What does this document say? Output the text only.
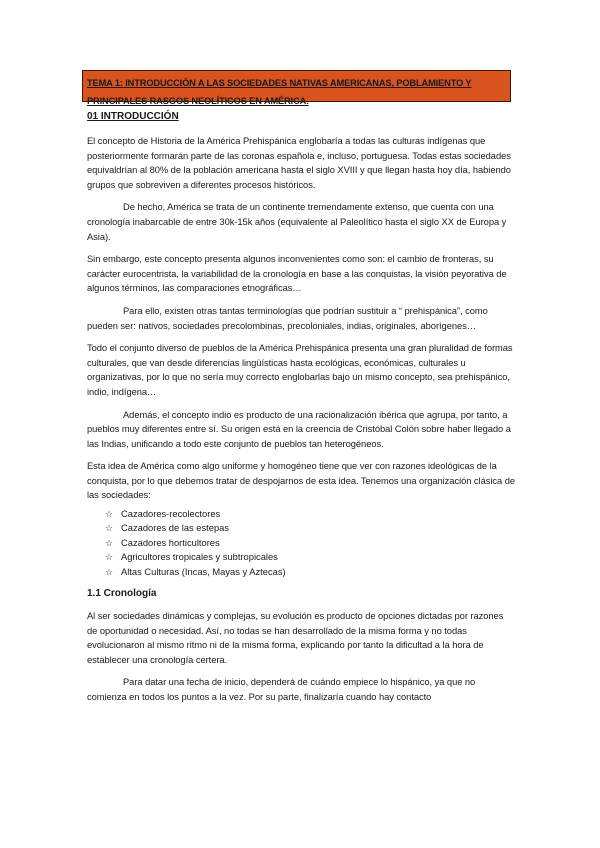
TEMA 1: INTRODUCCIÓN A LAS SOCIEDADES NATIVAS AMERICANAS, POBLAMIENTO Y PRINCIPALES RASGOS NEOLÍTICOS EN AMÉRICA.
01 INTRODUCCIÓN

El concepto de Historia de la América Prehispánica englobaría a todas las culturas indígenas que posteriormente formarán parte de las coronas española e, incluso, portuguesa. Todas estas sociedades equivaldrían al 80% de la población americana hasta el siglo XVIII y que llegan hasta hoy día, habiendo grupos que sobreviven a diferentes procesos históricos.

De hecho, América se trata de un continente tremendamente extenso, que cuenta con una cronología inabarcable de entre 30k-15k años (equivalente al Paleolítico hasta el siglo XX de Europa y Asia).

Sin embargo, este concepto presenta algunos inconvenientes como son: el cambio de fronteras, su carácter eurocentrista, la variabilidad de la cronología en base a las conquistas, la visión peyorativa de algunos términos, las comparaciones etnográficas…

Para ello, existen otras tantas terminologías que podrían sustituir a “ prehispánica”, como pueden ser: nativos, sociedades precolombinas, precoloniales, indias, originales, aborígenes…

Todo el conjunto diverso de pueblos de la América Prehispánica presenta una gran pluralidad de formas culturales, que van desde diferencias lingüísticas hasta ecológicas, económicas, culturales u organizativas, por lo que no sería muy correcto englobarlas bajo un mismo concepto, sea prehispánico, indio, indígena…

Además, el concepto indio es producto de una racionalización ibérica que agrupa, por tanto, a pueblos muy diferentes entre sí. Su origen está en la creencia de Cristóbal Colón sobre haber llegado a las Indias, unificando a todo este conjunto de pueblos tan heterogéneos.

Esta idea de América como algo uniforme y homogéneo tiene que ver con razones ideológicas de la conquista, por lo que debemos tratar de despojarnos de esta idea. Tenemos una organización clásica de las sociedades:

☆ Cazadores-recolectores
☆ Cazadores de las estepas
☆ Cazadores horticultores
☆ Agricultores tropicales y subtropicales
☆ Altas Culturas (Incas, Mayas y Aztecas)
1.1 Cronología

Al ser sociedades dinámicas y complejas, su evolución es producto de opciones dictadas por razones de oportunidad o necesidad. Así, no todas se han desarrollado de la misma forma y no todas evolucionaron al mismo ritmo ni de la misma forma, explicando por tanto la dificultad a la hora de establecer una cronología certera.

Para datar una fecha de inicio, dependerá de cuándo empiece lo hispánico, ya que no comienza en todos los puntos a la vez. Por su parte, finalizaría cuando hay contacto
